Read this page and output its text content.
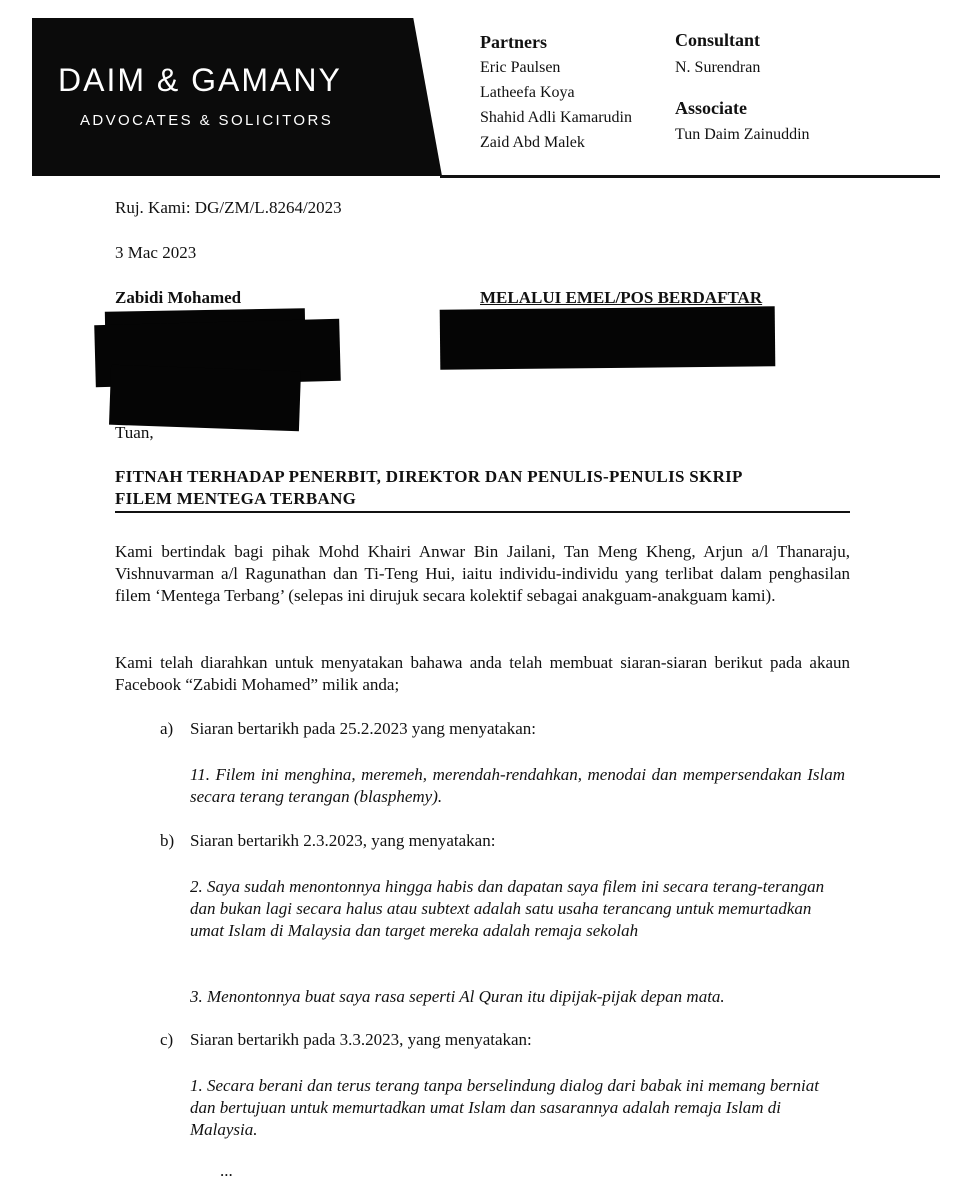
DAIM & GAMANY
ADVOCATES & SOLICITORS
Partners
Eric Paulsen
Latheefa Koya
Shahid Adli Kamarudin
Zaid Abd Malek
Consultant
N. Surendran
Associate
Tun Daim Zainuddin
Ruj. Kami: DG/ZM/L.8264/2023
3 Mac 2023
Zabidi Mohamed	MELALUI EMEL/POS BERDAFTAR
Tuan,
FITNAH TERHADAP PENERBIT, DIREKTOR DAN PENULIS-PENULIS SKRIP
FILEM MENTEGA TERBANG
Kami bertindak bagi pihak Mohd Khairi Anwar Bin Jailani, Tan Meng Kheng, Arjun a/l Thanaraju, Vishnuvarman a/l Ragunathan dan Ti-Teng Hui, iaitu individu-individu yang terlibat dalam penghasilan filem ‘Mentega Terbang’ (selepas ini dirujuk secara kolektif sebagai anakguam-anakguam kami).
Kami telah diarahkan untuk menyatakan bahawa anda telah membuat siaran-siaran berikut pada akaun Facebook “Zabidi Mohamed” milik anda;
a) Siaran bertarikh pada 25.2.2023 yang menyatakan:
11. Filem ini menghina, meremeh, merendah-rendahkan, menodai dan mempersendakan Islam secara terang terangan (blasphemy).
b) Siaran bertarikh 2.3.2023, yang menyatakan:
2. Saya sudah menontonnya hingga habis dan dapatan saya filem ini secara terang-terangan dan bukan lagi secara halus atau subtext adalah satu usaha terancang untuk memurtadkan umat Islam di Malaysia dan target mereka adalah remaja sekolah
3. Menontonnya buat saya rasa seperti Al Quran itu dipijak-pijak depan mata.
c) Siaran bertarikh pada 3.3.2023, yang menyatakan:
1. Secara berani dan terus terang tanpa berselindung dialog dari babak ini memang berniat dan bertujuan untuk memurtadkan umat Islam dan sasarannya adalah remaja Islam di Malaysia.
...
